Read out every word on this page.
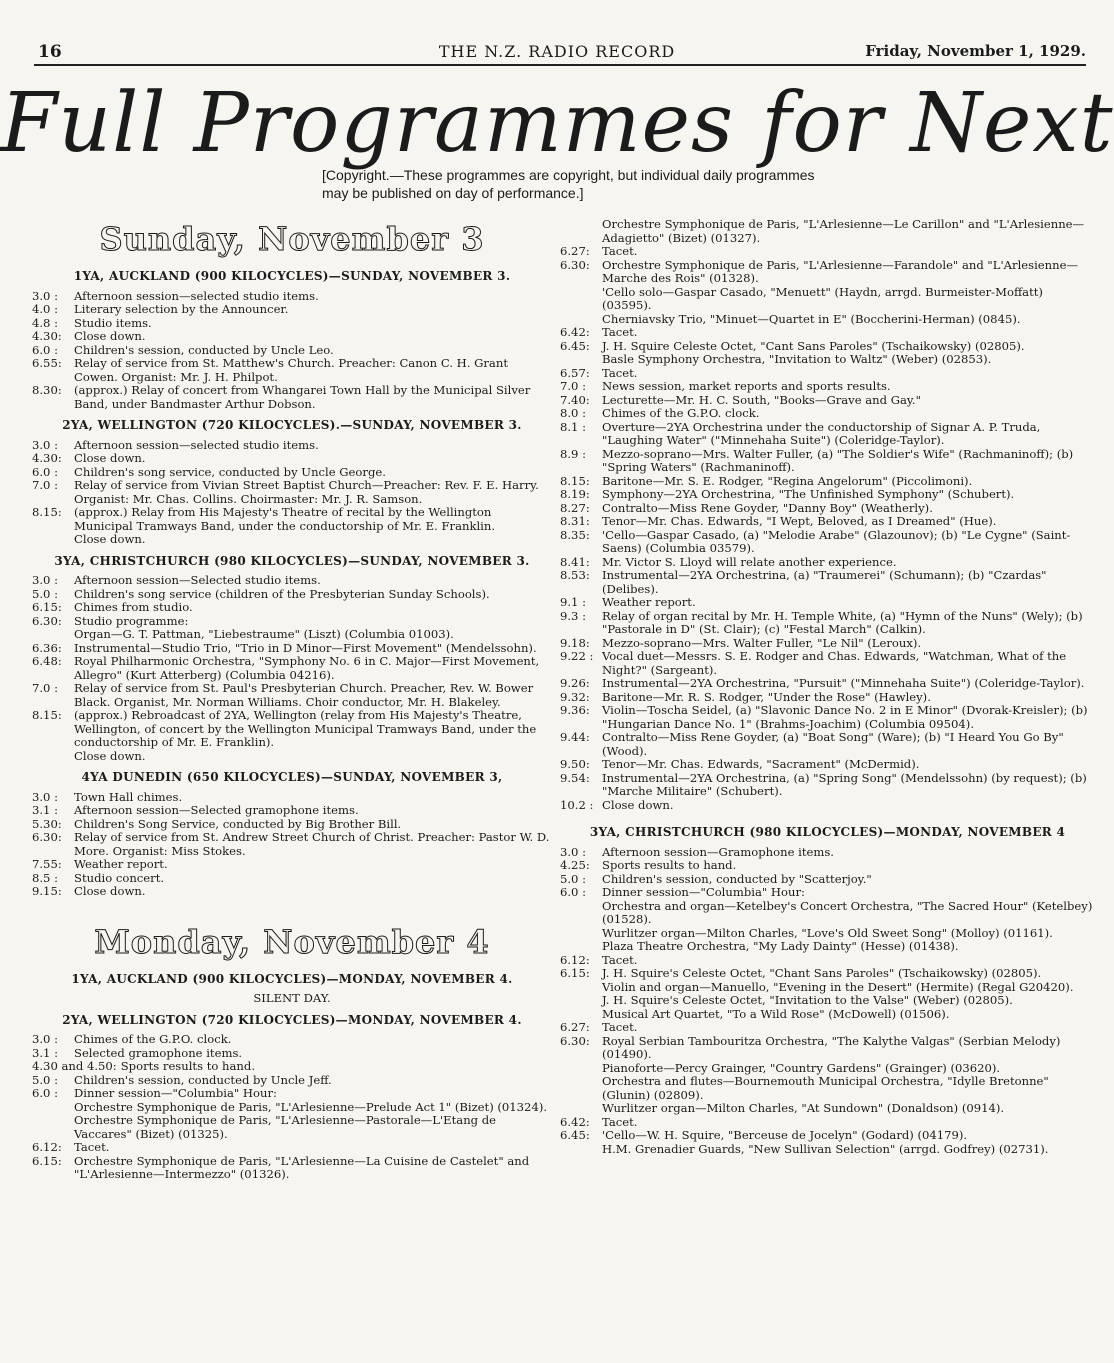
THE N.Z. RADIO RECORD
16	Friday, November 1, 1929.
Full Programmes for Next
[Copyright.—These programmes are copyright, but individual daily programmes may be published on day of performance.]
Sunday, November 3
1YA, AUCKLAND (900 KILOCYCLES)—SUNDAY, NOVEMBER 3.
3.0 :	Afternoon session—selected studio items.
4.0 :	Literary selection by the Announcer.
4.8 :	Studio items.
4.30:	Close down.
6.0 :	Children's session, conducted by Uncle Leo.
6.55:	Relay of service from St. Matthew's Church. Preacher: Canon C. H. Grant Cowen. Organist: Mr. J. H. Philpot.
8.30:	(approx.) Relay of concert from Whangarei Town Hall by the Municipal Silver Band, under Bandmaster Arthur Dobson.
2YA, WELLINGTON (720 KILOCYCLES).—SUNDAY, NOVEMBER 3.
3.0 :	Afternoon session—selected studio items.
4.30:	Close down.
6.0 :	Children's song service, conducted by Uncle George.
7.0 :	Relay of service from Vivian Street Baptist Church—Preacher: Rev. F. E. Harry. Organist: Mr. Chas. Collins. Choirmaster: Mr. J. R. Samson.
8.15:	(approx.) Relay from His Majesty's Theatre of recital by the Wellington Municipal Tramways Band, under the conductorship of Mr. E. Franklin.
Close down.
3YA, CHRISTCHURCH (980 KILOCYCLES)—SUNDAY, NOVEMBER 3.
3.0 :	Afternoon session—Selected studio items.
5.0 :	Children's song service (children of the Presbyterian Sunday Schools).
6.15:	Chimes from studio.
6.30:	Studio programme:
Organ—G. T. Pattman, "Liebestraume" (Liszt) (Columbia 01003).
6.36:	Instrumental—Studio Trio, "Trio in D Minor—First Movement" (Mendelssohn).
6.48:	Royal Philharmonic Orchestra, "Symphony No. 6 in C. Major—First Movement, Allegro" (Kurt Atterberg) (Columbia 04216).
7.0 :	Relay of service from St. Paul's Presbyterian Church. Preacher, Rev. W. Bower Black. Organist, Mr. Norman Williams. Choir conductor, Mr. H. Blakeley.
8.15:	(approx.) Rebroadcast of 2YA, Wellington (relay from His Majesty's Theatre, Wellington, of concert by the Wellington Municipal Tramways Band, under the conductorship of Mr. E. Franklin).
Close down.
4YA DUNEDIN (650 KILOCYCLES)—SUNDAY, NOVEMBER 3,
3.0 :	Town Hall chimes.
3.1 :	Afternoon session—Selected gramophone items.
5.30:	Children's Song Service, conducted by Big Brother Bill.
6.30:	Relay of service from St. Andrew Street Church of Christ. Preacher: Pastor W. D. More. Organist: Miss Stokes.
7.55:	Weather report.
8.5 :	Studio concert.
9.15:	Close down.
Monday, November 4
1YA, AUCKLAND (900 KILOCYCLES)—MONDAY, NOVEMBER 4.
SILENT DAY.
2YA, WELLINGTON (720 KILOCYCLES)—MONDAY, NOVEMBER 4.
3.0 :	Chimes of the G.P.O. clock.
3.1 :	Selected gramophone items.
4.30 and 4.50: Sports results to hand.
5.0 :	Children's session, conducted by Uncle Jeff.
6.0 :	Dinner session—"Columbia" Hour:
Orchestre Symphonique de Paris, "L'Arlesienne—Prelude Act 1" (Bizet) (01324).
Orchestre Symphonique de Paris, "L'Arlesienne—Pastorale—L'Etang de Vaccares" (Bizet) (01325).
6.12:	Tacet.
6.15:	Orchestre Symphonique de Paris, "L'Arlesienne—La Cuisine de Castelet" and "L'Arlesienne—Intermezzo" (01326).
Orchestre Symphonique de Paris, "L'Arlesienne—Le Carillon" and "L'Arlesienne—Adagietto" (Bizet) (01327).
6.27:	Tacet.
6.30:	Orchestre Symphonique de Paris, "L'Arlesienne—Farandole" and "L'Arlesienne—Marche des Rois" (01328).
'Cello solo—Gaspar Casado, "Menuett" (Haydn, arrgd. Burmeister-Moffatt) (03595).
Cherniavsky Trio, "Minuet—Quartet in E" (Boccherini-Herman) (0845).
6.42:	Tacet.
6.45:	J. H. Squire Celeste Octet, "Cant Sans Paroles" (Tschaikowsky) (02805).
Basle Symphony Orchestra, "Invitation to Waltz" (Weber) (02853).
6.57:	Tacet.
7.0 :	News session, market reports and sports results.
7.40:	Lecturette—Mr. H. C. South, "Books—Grave and Gay."
8.0 :	Chimes of the G.P.O. clock.
8.1 :	Overture—2YA Orchestrina under the conductorship of Signar A. P. Truda, "Laughing Water" ("Minnehaha Suite") (Coleridge-Taylor).
8.9 :	Mezzo-soprano—Mrs. Walter Fuller, (a) "The Soldier's Wife" (Rachmaninoff); (b) "Spring Waters" (Rachmaninoff).
8.15:	Baritone—Mr. S. E. Rodger, "Regina Angelorum" (Piccolimoni).
8.19:	Symphony—2YA Orchestrina, "The Unfinished Symphony" (Schubert).
8.27:	Contralto—Miss Rene Goyder, "Danny Boy" (Weatherly).
8.31:	Tenor—Mr. Chas. Edwards, "I Wept, Beloved, as I Dreamed" (Hue).
8.35:	'Cello—Gaspar Casado, (a) "Melodie Arabe" (Glazounov); (b) "Le Cygne" (Saint-Saens) (Columbia 03579).
8.41:	Mr. Victor S. Lloyd will relate another experience.
8.53:	Instrumental—2YA Orchestrina, (a) "Traumerei" (Schumann); (b) "Czardas" (Delibes).
9.1 :	Weather report.
9.3 :	Relay of organ recital by Mr. H. Temple White, (a) "Hymn of the Nuns" (Wely); (b) "Pastorale in D" (St. Clair); (c) "Festal March" (Calkin).
9.18:	Mezzo-soprano—Mrs. Walter Fuller, "Le Nil" (Leroux).
9.22 : Vocal duet—Messrs. S. E. Rodger and Chas. Edwards, "Watchman, What of the Night?" (Sargeant).
9.26:	Instrumental—2YA Orchestrina, "Pursuit" ("Minnehaha Suite") (Coleridge-Taylor).
9.32:	Baritone—Mr. R. S. Rodger, "Under the Rose" (Hawley).
9.36:	Violin—Toscha Seidel, (a) "Slavonic Dance No. 2 in E Minor" (Dvorak-Kreisler); (b) "Hungarian Dance No. 1" (Brahms-Joachim) (Columbia 09504).
9.44:	Contralto—Miss Rene Goyder, (a) "Boat Song" (Ware); (b) "I Heard You Go By" (Wood).
9.50:	Tenor—Mr. Chas. Edwards, "Sacrament" (McDermid).
9.54:	Instrumental—2YA Orchestrina, (a) "Spring Song" (Mendelssohn) (by request); (b) "Marche Militaire" (Schubert).
10.2 : Close down.
3YA, CHRISTCHURCH (980 KILOCYCLES)—MONDAY, NOVEMBER 4
3.0 :	Afternoon session—Gramophone items.
4.25:	Sports results to hand.
5.0 :	Children's session, conducted by "Scatterjoy."
6.0 :	Dinner session—"Columbia" Hour:
Orchestra and organ—Ketelbey's Concert Orchestra, "The Sacred Hour" (Ketelbey) (01528).
Wurlitzer organ—Milton Charles, "Love's Old Sweet Song" (Molloy) (01161).
Plaza Theatre Orchestra, "My Lady Dainty" (Hesse) (01438).
6.12:	Tacet.
6.15:	J. H. Squire's Celeste Octet, "Chant Sans Paroles" (Tschaikowsky) (02805).
Violin and organ—Manuello, "Evening in the Desert" (Hermite) (Regal G20420).
J. H. Squire's Celeste Octet, "Invitation to the Valse" (Weber) (02805).
Musical Art Quartet, "To a Wild Rose" (McDowell) (01506).
6.27:	Tacet.
6.30:	Royal Serbian Tambouritza Orchestra, "The Kalythe Valgas" (Serbian Melody) (01490).
Pianoforte—Percy Grainger, "Country Gardens" (Grainger) (03620).
Orchestra and flutes—Bournemouth Municipal Orchestra, "Idylle Bretonne" (Glunin) (02809).
Wurlitzer organ—Milton Charles, "At Sundown" (Donaldson) (0914).
6.42:	Tacet.
6.45:	'Cello—W. H. Squire, "Berceuse de Jocelyn" (Godard) (04179).
H.M. Grenadier Guards, "New Sullivan Selection" (arrgd. Godfrey) (02731).
